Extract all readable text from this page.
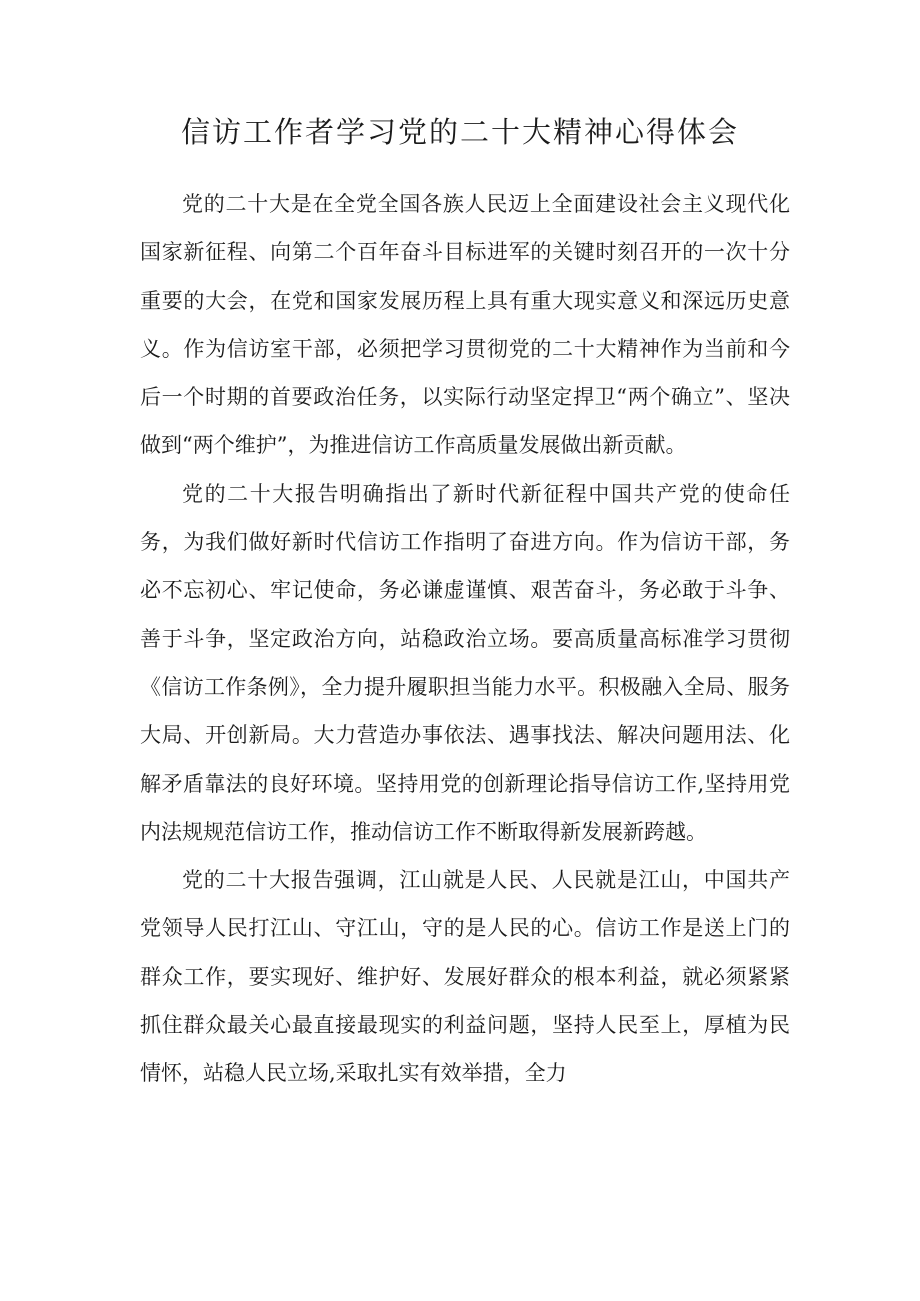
信访工作者学习党的二十大精神心得体会

党的二十大是在全党全国各族人民迈上全面建设社会主义现代化国家新征程、向第二个百年奋斗目标进军的关键时刻召开的一次十分重要的大会，在党和国家发展历程上具有重大现实意义和深远历史意义。作为信访室干部，必须把学习贯彻党的二十大精神作为当前和今后一个时期的首要政治任务，以实际行动坚定捍卫“两个确立”、坚决做到“两个维护”，为推进信访工作高质量发展做出新贡献。

党的二十大报告明确指出了新时代新征程中国共产党的使命任务，为我们做好新时代信访工作指明了奋进方向。作为信访干部，务必不忘初心、牢记使命，务必谦虚谨慎、艰苦奋斗，务必敢于斗争、善于斗争，坚定政治方向，站稳政治立场。要高质量高标准学习贯彻《信访工作条例》，全力提升履职担当能力水平。积极融入全局、服务大局、开创新局。大力营造办事依法、遇事找法、解决问题用法、化解矛盾靠法的良好环境。坚持用党的创新理论指导信访工作,坚持用党内法规规范信访工作，推动信访工作不断取得新发展新跨越。

党的二十大报告强调，江山就是人民、人民就是江山，中国共产党领导人民打江山、守江山，守的是人民的心。信访工作是送上门的群众工作，要实现好、维护好、发展好群众的根本利益，就必须紧紧抓住群众最关心最直接最现实的利益问题，坚持人民至上，厚植为民情怀，站稳人民立场,采取扎实有效举措，全力
